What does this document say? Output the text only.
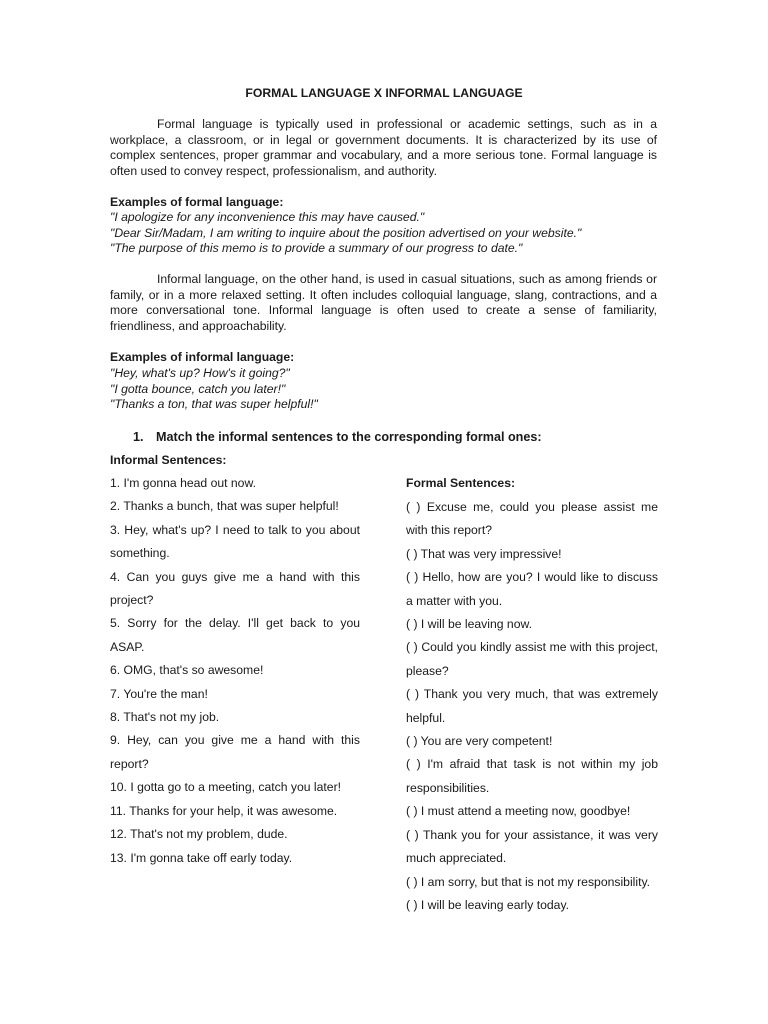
FORMAL LANGUAGE X INFORMAL LANGUAGE

Formal language is typically used in professional or academic settings, such as in a workplace, a classroom, or in legal or government documents. It is characterized by its use of complex sentences, proper grammar and vocabulary, and a more serious tone. Formal language is often used to convey respect, professionalism, and authority.

Examples of formal language:

"I apologize for any inconvenience this may have caused."
"Dear Sir/Madam, I am writing to inquire about the position advertised on your website."
"The purpose of this memo is to provide a summary of our progress to date."

Informal language, on the other hand, is used in casual situations, such as among friends or family, or in a more relaxed setting. It often includes colloquial language, slang, contractions, and a more conversational tone. Informal language is often used to create a sense of familiarity, friendliness, and approachability.

Examples of informal language:

"Hey, what's up? How's it going?"
"I gotta bounce, catch you later!"
"Thanks a ton, that was super helpful!"

1. Match the informal sentences to the corresponding formal ones:

Informal Sentences:

Formal Sentences:

1. I'm gonna head out now.
2. Thanks a bunch, that was super helpful!
3. Hey, what's up? I need to talk to you about something.
4. Can you guys give me a hand with this project?
5. Sorry for the delay. I'll get back to you ASAP.
6. OMG, that's so awesome!
7. You're the man!
8. That's not my job.
9. Hey, can you give me a hand with this report?
10. I gotta go to a meeting, catch you later!
11. Thanks for your help, it was awesome.
12. That's not my problem, dude.
13. I'm gonna take off early today.
( ) Excuse me, could you please assist me with this report?
( ) That was very impressive!
( ) Hello, how are you? I would like to discuss a matter with you.
( ) I will be leaving now.
( ) Could you kindly assist me with this project, please?
( ) Thank you very much, that was extremely helpful.
( ) You are very competent!
( ) I'm afraid that task is not within my job responsibilities.
( ) I must attend a meeting now, goodbye!
( ) Thank you for your assistance, it was very much appreciated.
( ) I am sorry, but that is not my responsibility.
( ) I will be leaving early today.
